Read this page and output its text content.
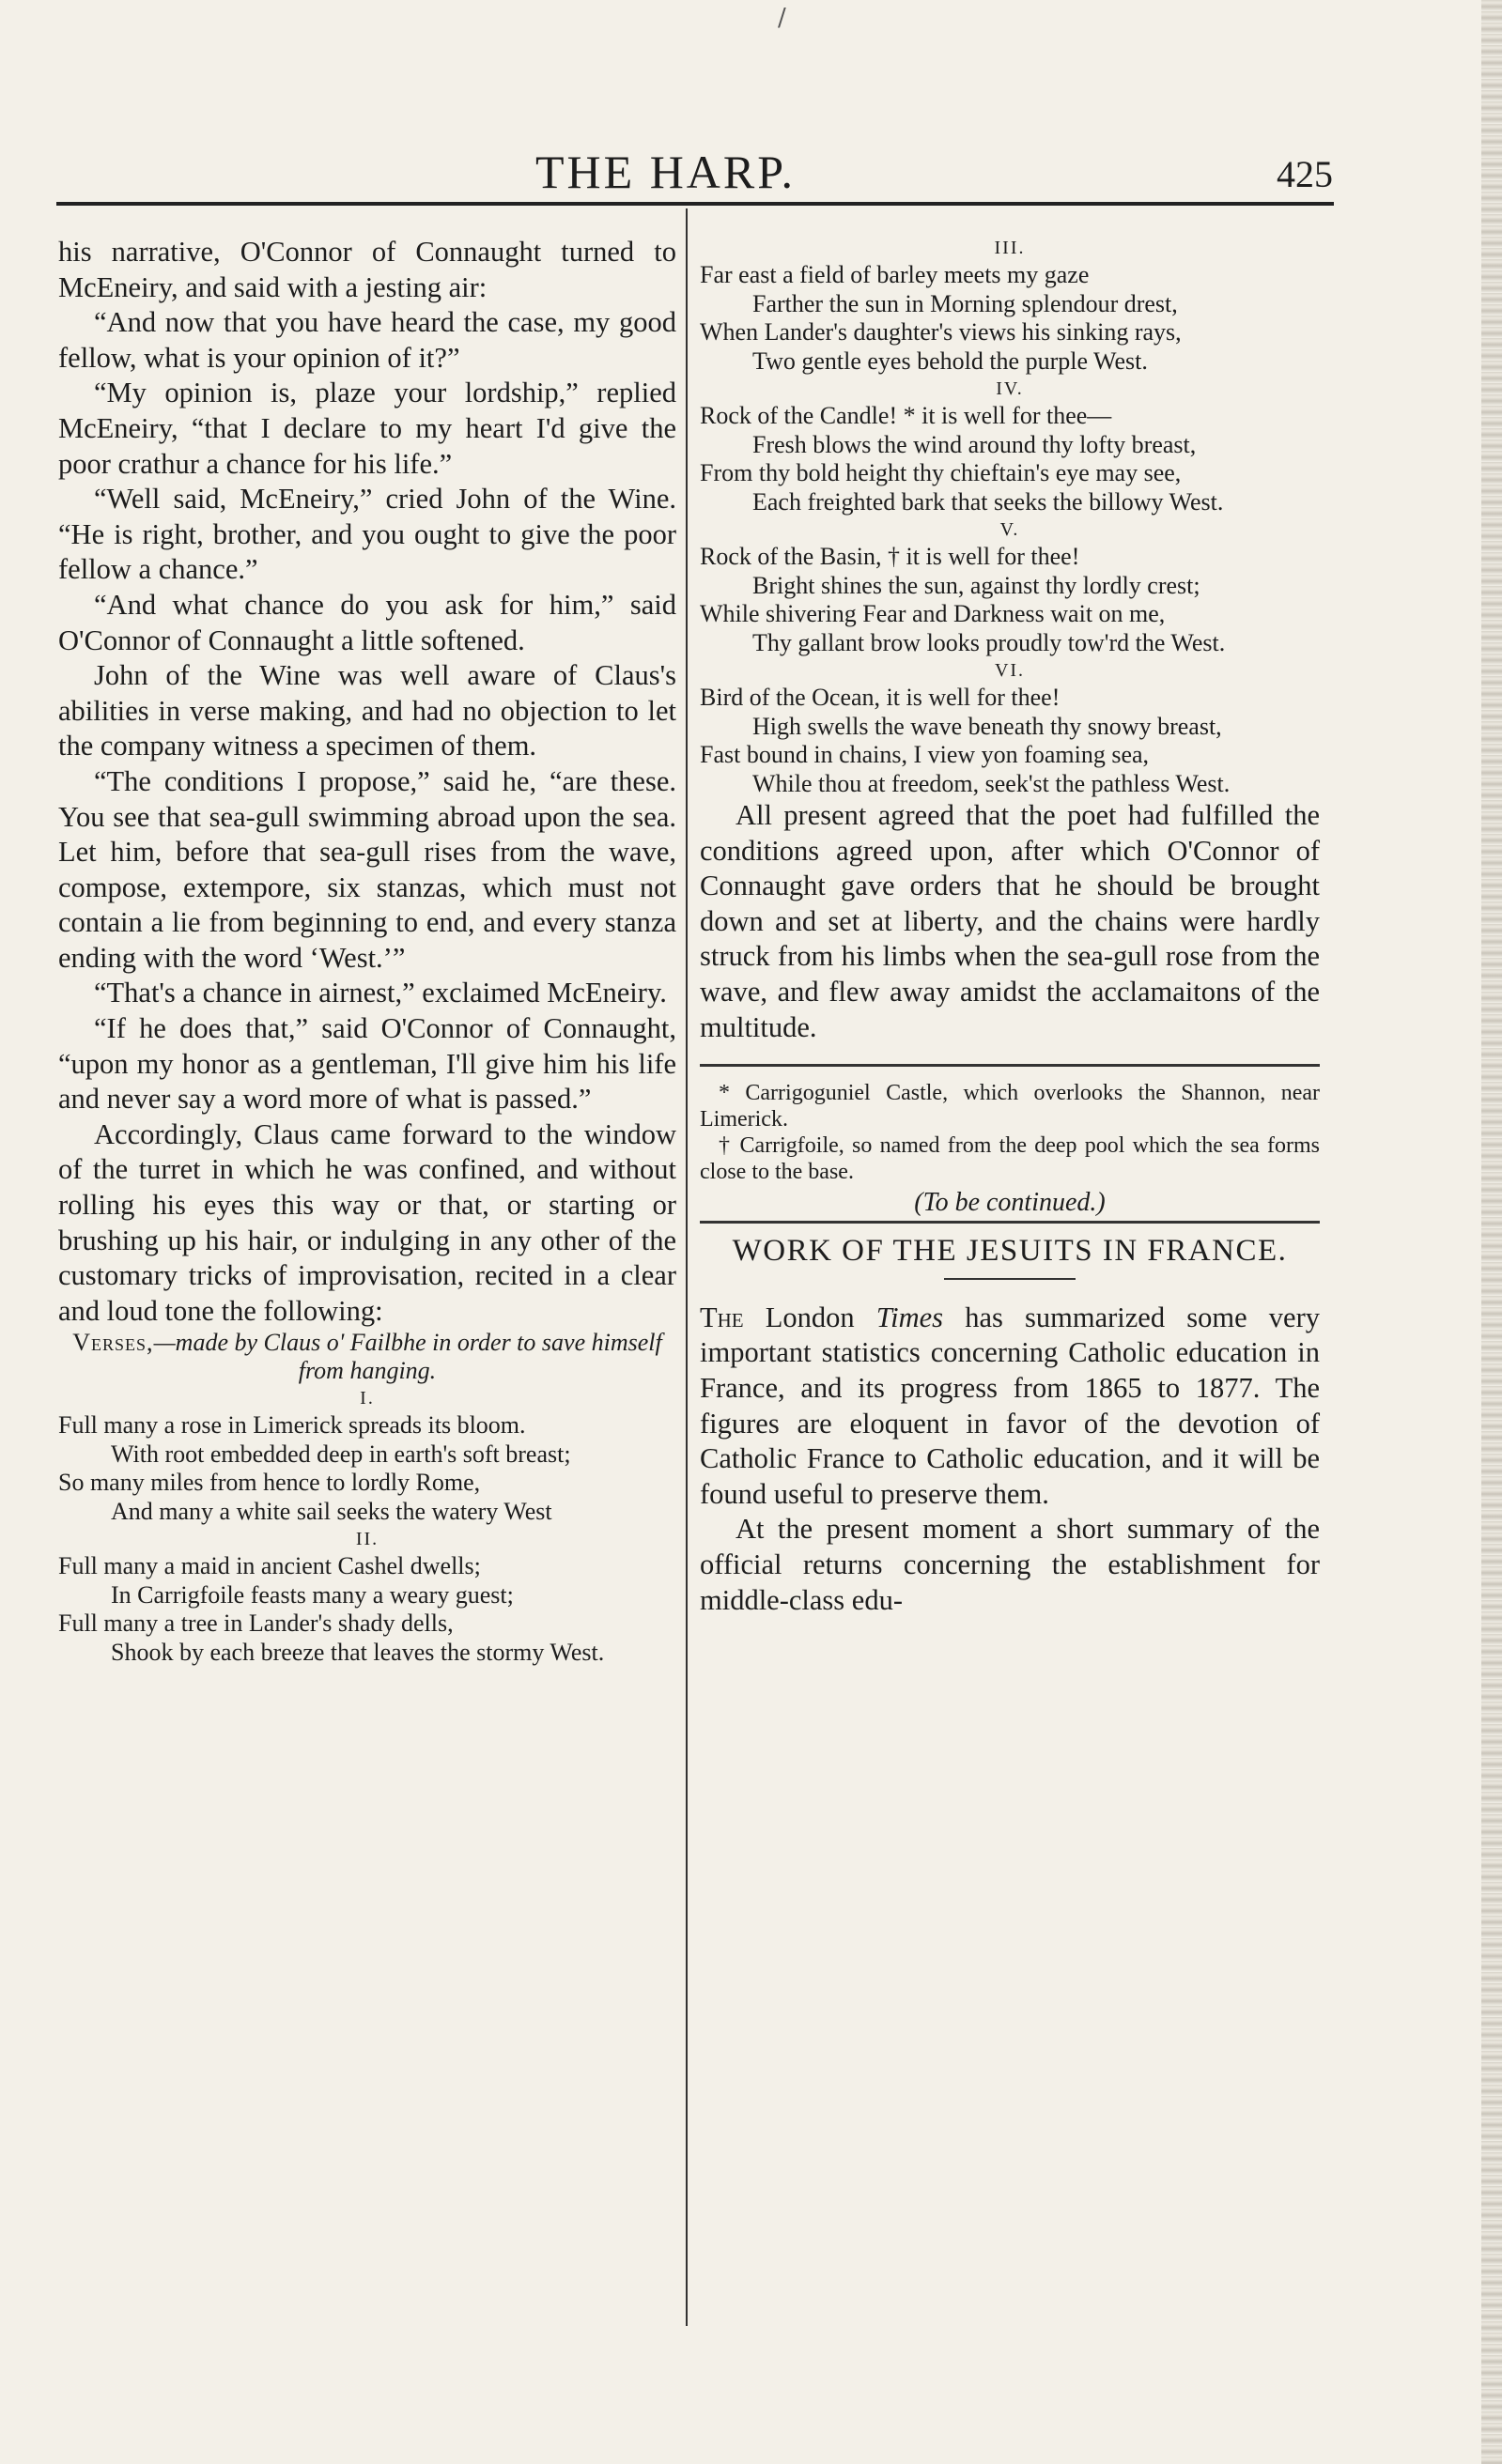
/
THE HARP.	425

his narrative, O'Connor of Connaught turned to McEneiry, and said with a jesting air:

“And now that you have heard the case, my good fellow, what is your opinion of it?”

“My opinion is, plaze your lordship,” replied McEneiry, “that I declare to my heart I'd give the poor crathur a chance for his life.”

“Well said, McEneiry,” cried John of the Wine. “He is right, brother, and you ought to give the poor fellow a chance.”

“And what chance do you ask for him,” said O'Connor of Connaught a little softened.

John of the Wine was well aware of Claus's abilities in verse making, and had no objection to let the company witness a specimen of them.

“The conditions I propose,” said he, “are these. You see that sea-gull swimming abroad upon the sea. Let him, before that sea-gull rises from the wave, compose, extempore, six stanzas, which must not contain a lie from beginning to end, and every stanza ending with the word ‘West.’”

“That's a chance in airnest,” exclaimed McEneiry.

“If he does that,” said O'Connor of Connaught, “upon my honor as a gentleman, I'll give him his life and never say a word more of what is passed.”

Accordingly, Claus came forward to the window of the turret in which he was confined, and without rolling his eyes this way or that, or starting or brushing up his hair, or indulging in any other of the customary tricks of improvisation, recited in a clear and loud tone the following:

Verses,—made by Claus o' Failbhe in order to save himself from hanging.

I.

Full many a rose in Limerick spreads its bloom.
With root embedded deep in earth's soft breast;
So many miles from hence to lordly Rome,
And many a white sail seeks the watery West

II.

Full many a maid in ancient Cashel dwells;
In Carrigfoile feasts many a weary guest;
Full many a tree in Lander's shady dells,
Shook by each breeze that leaves the stormy West.

III.

Far east a field of barley meets my gaze
Farther the sun in Morning splendour drest,
When Lander's daughter's views his sinking rays,
Two gentle eyes behold the purple West.

IV.

Rock of the Candle! * it is well for thee—
Fresh blows the wind around thy lofty breast,
From thy bold height thy chieftain's eye may see,
Each freighted bark that seeks the billowy West.

V.

Rock of the Basin, † it is well for thee!
Bright shines the sun, against thy lordly crest;
While shivering Fear and Darkness wait on me,
Thy gallant brow looks proudly tow'rd the West.

VI.

Bird of the Ocean, it is well for thee!
High swells the wave beneath thy snowy breast,
Fast bound in chains, I view yon foaming sea,
While thou at freedom, seek'st the pathless West.

All present agreed that the poet had fulfilled the conditions agreed upon, after which O'Connor of Connaught gave orders that he should be brought down and set at liberty, and the chains were hardly struck from his limbs when the sea-gull rose from the wave, and flew away amidst the acclamaitons of the multitude.

* Carrigoguniel Castle, which overlooks the Shannon, near Limerick.

† Carrigfoile, so named from the deep pool which the sea forms close to the base.

(To be continued.)

WORK OF THE JESUITS IN FRANCE.

The London Times has summarized some very important statistics concerning Catholic education in France, and its progress from 1865 to 1877. The figures are eloquent in favor of the devotion of Catholic France to Catholic education, and it will be found useful to preserve them.

At the present moment a short summary of the official returns concerning the establishment for middle-class edu-
